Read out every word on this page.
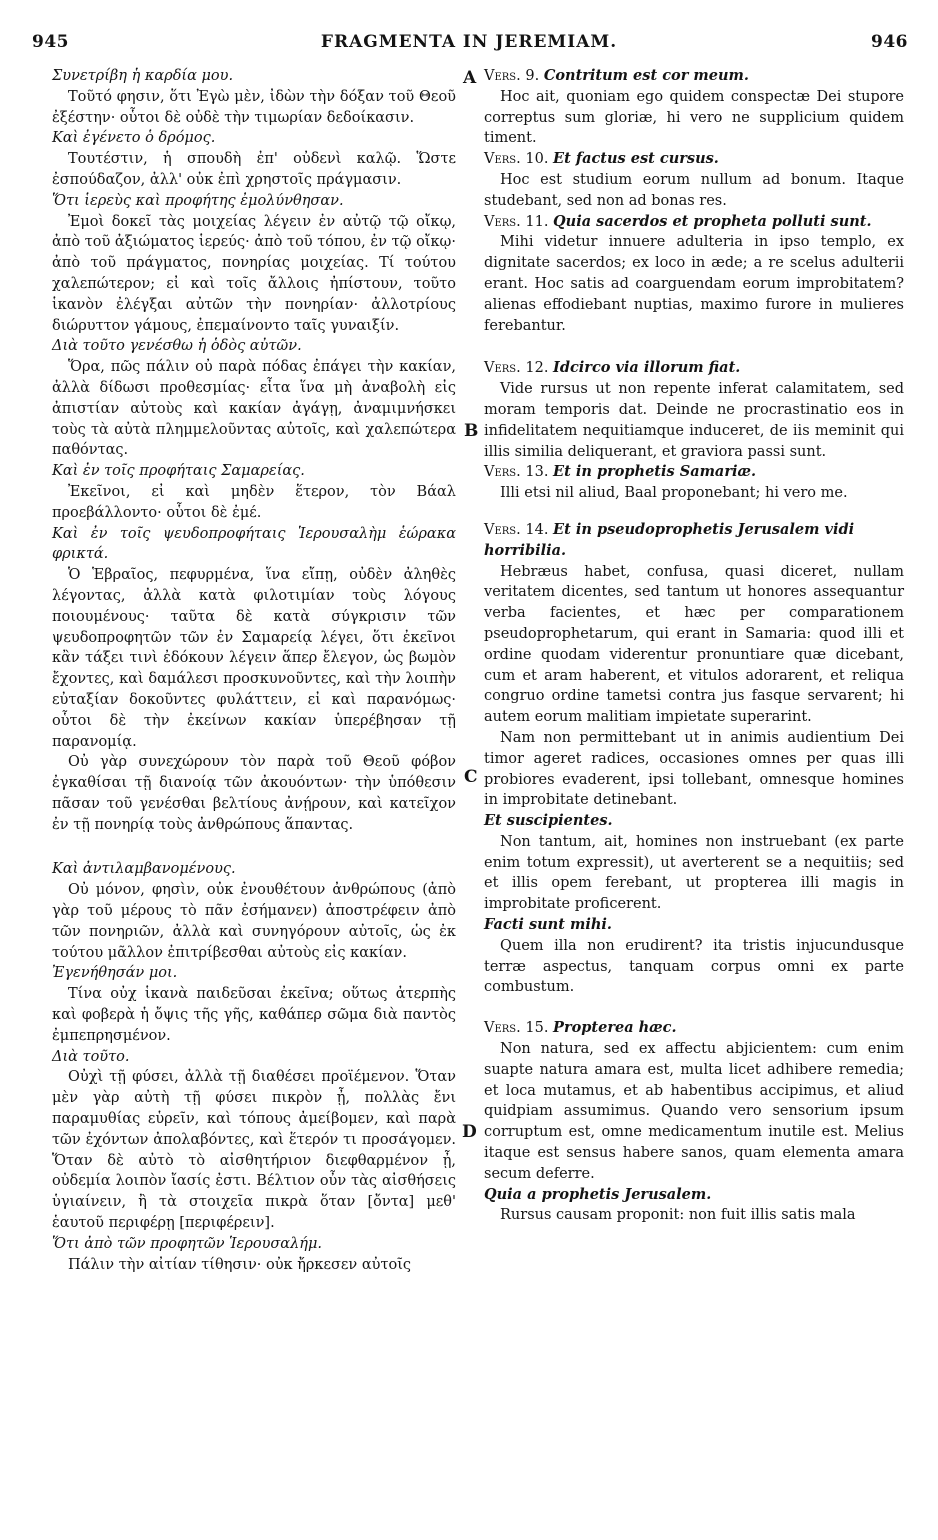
945	FRAGMENTA IN JEREMIAM.	946
A
B
C
D

Συνετρίβη ἡ καρδία μου.

Τοῦτό φησιν, ὅτι Ἐγὼ μὲν, ἰδὼν τὴν δόξαν τοῦ Θεοῦ ἐξέστην· οὗτοι δὲ οὐδὲ τὴν τιμωρίαν δεδοίκασιν.

Καὶ ἐγένετο ὁ δρόμος.

Τουτέστιν, ἡ σπουδὴ ἐπ' οὐδενὶ καλῷ. Ὥστε ἐσπούδαζον, ἀλλ' οὐκ ἐπὶ χρηστοῖς πράγμασιν.

Ὅτι ἱερεὺς καὶ προφήτης ἐμολύνθησαν.

Ἐμοὶ δοκεῖ τὰς μοιχείας λέγειν ἐν αὐτῷ τῷ οἴκῳ, ἀπὸ τοῦ ἀξιώματος ἱερεύς· ἀπὸ τοῦ τόπου, ἐν τῷ οἴκῳ· ἀπὸ τοῦ πράγματος, πονηρίας μοιχείας. Τί τούτου χαλεπώτερον; εἰ καὶ τοῖς ἄλλοις ἠπίστουν, τοῦτο ἱκανὸν ἐλέγξαι αὐτῶν τὴν πονηρίαν· ἀλλοτρίους διώρυττον γάμους, ἐπεμαίνοντο ταῖς γυναιξίν.

Διὰ τοῦτο γενέσθω ἡ ὁδὸς αὐτῶν.

Ὅρα, πῶς πάλιν οὐ παρὰ πόδας ἐπάγει τὴν κακίαν, ἀλλὰ δίδωσι προθεσμίας· εἶτα ἵνα μὴ ἀναβολὴ εἰς ἀπιστίαν αὐτοὺς καὶ κακίαν ἀγάγῃ, ἀναμιμνήσκει τοὺς τὰ αὐτὰ πλημμελοῦντας αὐτοῖς, καὶ χαλεπώτερα παθόντας.

Καὶ ἐν τοῖς προφήταις Σαμαρείας.

Ἐκεῖνοι, εἰ καὶ μηδὲν ἕτερον, τὸν Βάαλ προεβάλλοντο· οὗτοι δὲ ἐμέ.

Καὶ ἐν τοῖς ψευδοπροφήταις Ἱερουσαλὴμ ἑώρακα φρικτά.

Ὁ Ἑβραῖος, πεφυρμένα, ἵνα εἴπῃ, οὐδὲν ἀληθὲς λέγοντας, ἀλλὰ κατὰ φιλοτιμίαν τοὺς λόγους ποιουμένους· ταῦτα δὲ κατὰ σύγκρισιν τῶν ψευδοπροφητῶν τῶν ἐν Σαμαρείᾳ λέγει, ὅτι ἐκεῖνοι κἂν τάξει τινὶ ἐδόκουν λέγειν ἅπερ ἔλεγον, ὡς βωμὸν ἔχοντες, καὶ δαμάλεσι προσκυνοῦντες, καὶ τὴν λοιπὴν εὐταξίαν δοκοῦντες φυλάττειν, εἰ καὶ παρανόμως· οὗτοι δὲ τὴν ἐκείνων κακίαν ὑπερέβησαν τῇ παρανομίᾳ.

Οὐ γὰρ συνεχώρουν τὸν παρὰ τοῦ Θεοῦ φόβον ἐγκαθίσαι τῇ διανοίᾳ τῶν ἀκουόντων· τὴν ὑπόθεσιν πᾶσαν τοῦ γενέσθαι βελτίους ἀνῄρουν, καὶ κατεῖχον ἐν τῇ πονηρίᾳ τοὺς ἀνθρώπους ἅπαντας.

Καὶ ἀντιλαμβανομένους.

Οὐ μόνον, φησὶν, οὐκ ἐνουθέτουν ἀνθρώπους (ἀπὸ γὰρ τοῦ μέρους τὸ πᾶν ἐσήμανεν) ἀποστρέφειν ἀπὸ τῶν πονηριῶν, ἀλλὰ καὶ συνηγόρουν αὐτοῖς, ὡς ἐκ τούτου μᾶλλον ἐπιτρίβεσθαι αὐτοὺς εἰς κακίαν.

Ἐγενήθησάν μοι.

Τίνα οὐχ ἱκανὰ παιδεῦσαι ἐκεῖνα; οὕτως ἀτερπὴς καὶ φοβερὰ ἡ ὄψις τῆς γῆς, καθάπερ σῶμα διὰ παντὸς ἐμπεπρησμένον.

Διὰ τοῦτο.

Οὐχὶ τῇ φύσει, ἀλλὰ τῇ διαθέσει προϊέμενον. Ὅταν μὲν γὰρ αὐτὴ τῇ φύσει πικρὸν ᾖ, πολλὰς ἔνι παραμυθίας εὑρεῖν, καὶ τόπους ἀμείβομεν, καὶ παρὰ τῶν ἐχόντων ἀπολαβόντες, καὶ ἕτερόν τι προσάγομεν. Ὅταν δὲ αὐτὸ τὸ αἰσθητήριον διεφθαρμένον ᾖ, οὐδεμία λοιπὸν ἴασίς ἐστι. Βέλτιον οὖν τὰς αἰσθήσεις ὑγιαίνειν, ἢ τὰ στοιχεῖα πικρὰ ὅταν [ὄντα] μεθ' ἑαυτοῦ περιφέρῃ [περιφέρειν].

Ὅτι ἀπὸ τῶν προφητῶν Ἱερουσαλήμ.

Πάλιν τὴν αἰτίαν τίθησιν· οὐκ ἤρκεσεν αὐτοῖς

Vers. 9. Contritum est cor meum.

Hoc ait, quoniam ego quidem conspectæ Dei stupore correptus sum gloriæ, hi vero ne supplicium quidem timent.

Vers. 10. Et factus est cursus.

Hoc est studium eorum nullum ad bonum. Itaque studebant, sed non ad bonas res.

Vers. 11. Quia sacerdos et propheta polluti sunt.

Mihi videtur innuere adulteria in ipso templo, ex dignitate sacerdos; ex loco in æde; a re scelus adulterii erant. Hoc satis ad coarguendam eorum improbitatem? alienas effodiebant nuptias, maximo furore in mulieres ferebantur.

Vers. 12. Idcirco via illorum fiat.

Vide rursus ut non repente inferat calamitatem, sed moram temporis dat. Deinde ne procrastinatio eos in infidelitatem nequitiamque induceret, de iis meminit qui illis similia deliquerant, et graviora passi sunt.

Vers. 13. Et in prophetis Samariæ.

Illi etsi nil aliud, Baal proponebant; hi vero me.

Vers. 14. Et in pseudoprophetis Jerusalem vidi horribilia.

Hebræus habet, confusa, quasi diceret, nullam veritatem dicentes, sed tantum ut honores assequantur verba facientes, et hæc per comparationem pseudoprophetarum, qui erant in Samaria: quod illi et ordine quodam viderentur pronuntiare quæ dicebant, cum et aram haberent, et vitulos adorarent, et reliqua congruo ordine tametsi contra jus fasque servarent; hi autem eorum malitiam impietate superarint.

Nam non permittebant ut in animis audientium Dei timor ageret radices, occasiones omnes per quas illi probiores evaderent, ipsi tollebant, omnesque homines in improbitate detinebant.

Et suscipientes.

Non tantum, ait, homines non instruebant (ex parte enim totum expressit), ut averterent se a nequitiis; sed et illis opem ferebant, ut propterea illi magis in improbitate proficerent.

Facti sunt mihi.

Quem illa non erudirent? ita tristis injucundusque terræ aspectus, tanquam corpus omni ex parte combustum.

Vers. 15. Propterea hæc.

Non natura, sed ex affectu abjicientem: cum enim suapte natura amara est, multa licet adhibere remedia; et loca mutamus, et ab habentibus accipimus, et aliud quidpiam assumimus. Quando vero sensorium ipsum corruptum est, omne medicamentum inutile est. Melius itaque est sensus habere sanos, quam elementa amara secum deferre.

Quia a prophetis Jerusalem.

Rursus causam proponit: non fuit illis satis mala
